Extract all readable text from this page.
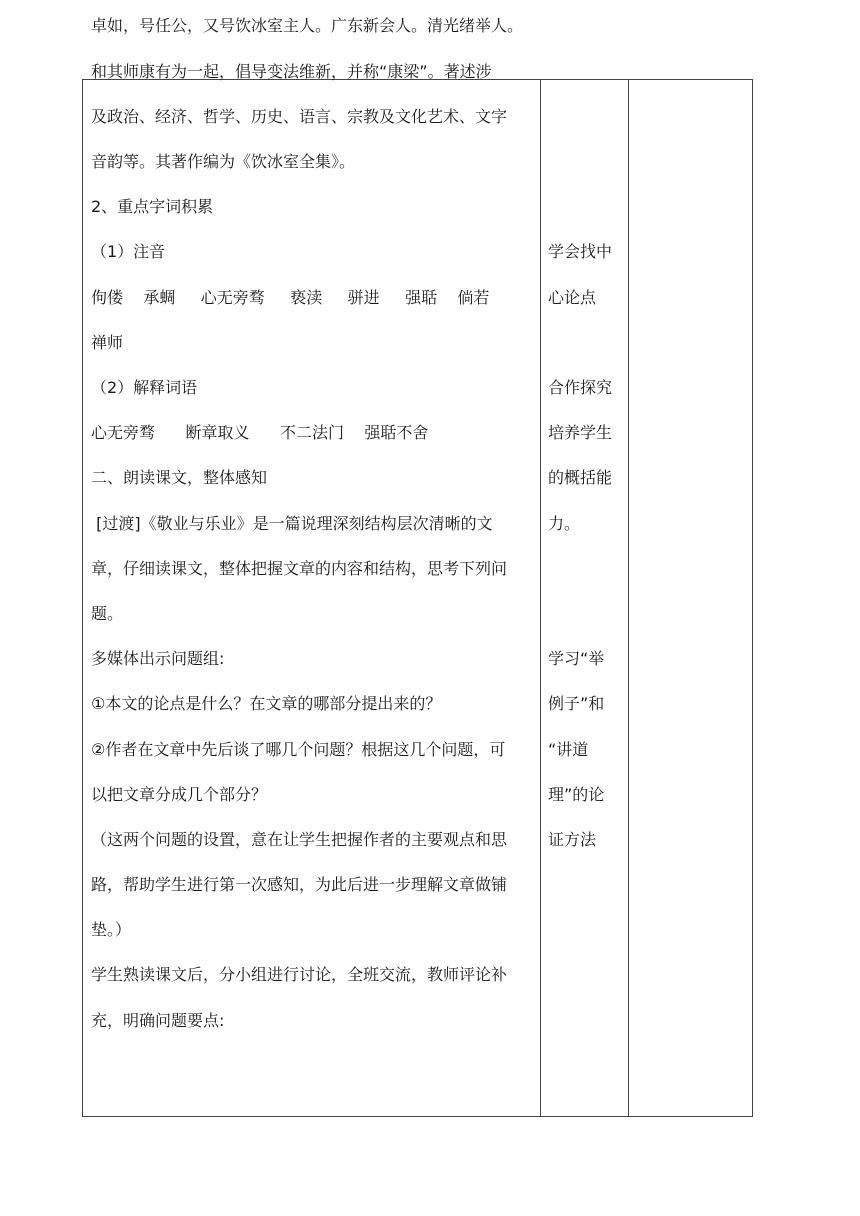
卓如，号任公，又号饮冰室主人。广东新会人。清光绪举人。
和其师康有为一起，倡导变法维新，并称“康梁”。著述涉
及政治、经济、哲学、历史、语言、宗教及文化艺术、文字
音韵等。其著作编为《饮冰室全集》。
2、重点字词积累
（1）注音
佝偻    承蜩     心无旁骛     亵渎     骈进     强聒    倘若
禅师
（2）解释词语
心无旁骛      断章取义      不二法门    强聒不舍
二、朗读课文，整体感知
[过渡]《敬业与乐业》是一篇说理深刻结构层次清晰的文
章，仔细读课文，整体把握文章的内容和结构，思考下列问
题。
多媒体出示问题组:
①本文的论点是什么？在文章的哪部分提出来的？
②作者在文章中先后谈了哪几个问题？根据这几个问题，可
以把文章分成几个部分？
（这两个问题的设置，意在让学生把握作者的主要观点和思
路，帮助学生进行第一次感知，为此后进一步理解文章做铺
垫。）
学生熟读课文后，分小组进行讨论，全班交流，教师评论补
充，明确问题要点:
学会找中
心论点
合作探究
培养学生
的概括能
力。
学习“举
例子”和
“讲道
理”的论
证方法
